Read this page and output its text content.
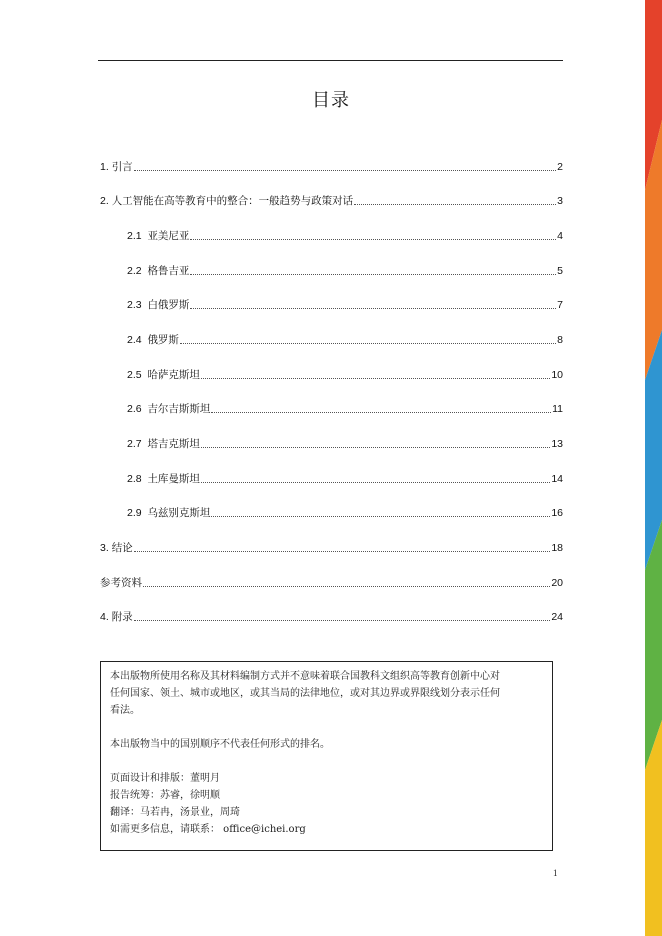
目录
1. 引言	2
2. 人工智能在高等教育中的整合：一般趋势与政策对话	3
2.1 亚美尼亚	4
2.2 格鲁吉亚	5
2.3 白俄罗斯	7
2.4 俄罗斯	8
2.5 哈萨克斯坦	10
2.6 吉尔吉斯斯坦	11
2.7 塔吉克斯坦	13
2.8 土库曼斯坦	14
2.9 乌兹别克斯坦	16
3. 结论	18
参考资料	20
4. 附录	24

本出版物所使用名称及其材料编制方式并不意味着联合国教科文组织高等教育创新中心对

任何国家、领土、城市或地区，或其当局的法律地位，或对其边界或界限线划分表示任何

看法。

本出版物当中的国别顺序不代表任何形式的排名。

页面设计和排版：董明月

报告统筹：苏睿，徐明顺

翻译：马若冉，汤景业，周琦

如需更多信息，请联系： office@ichei.org

1
